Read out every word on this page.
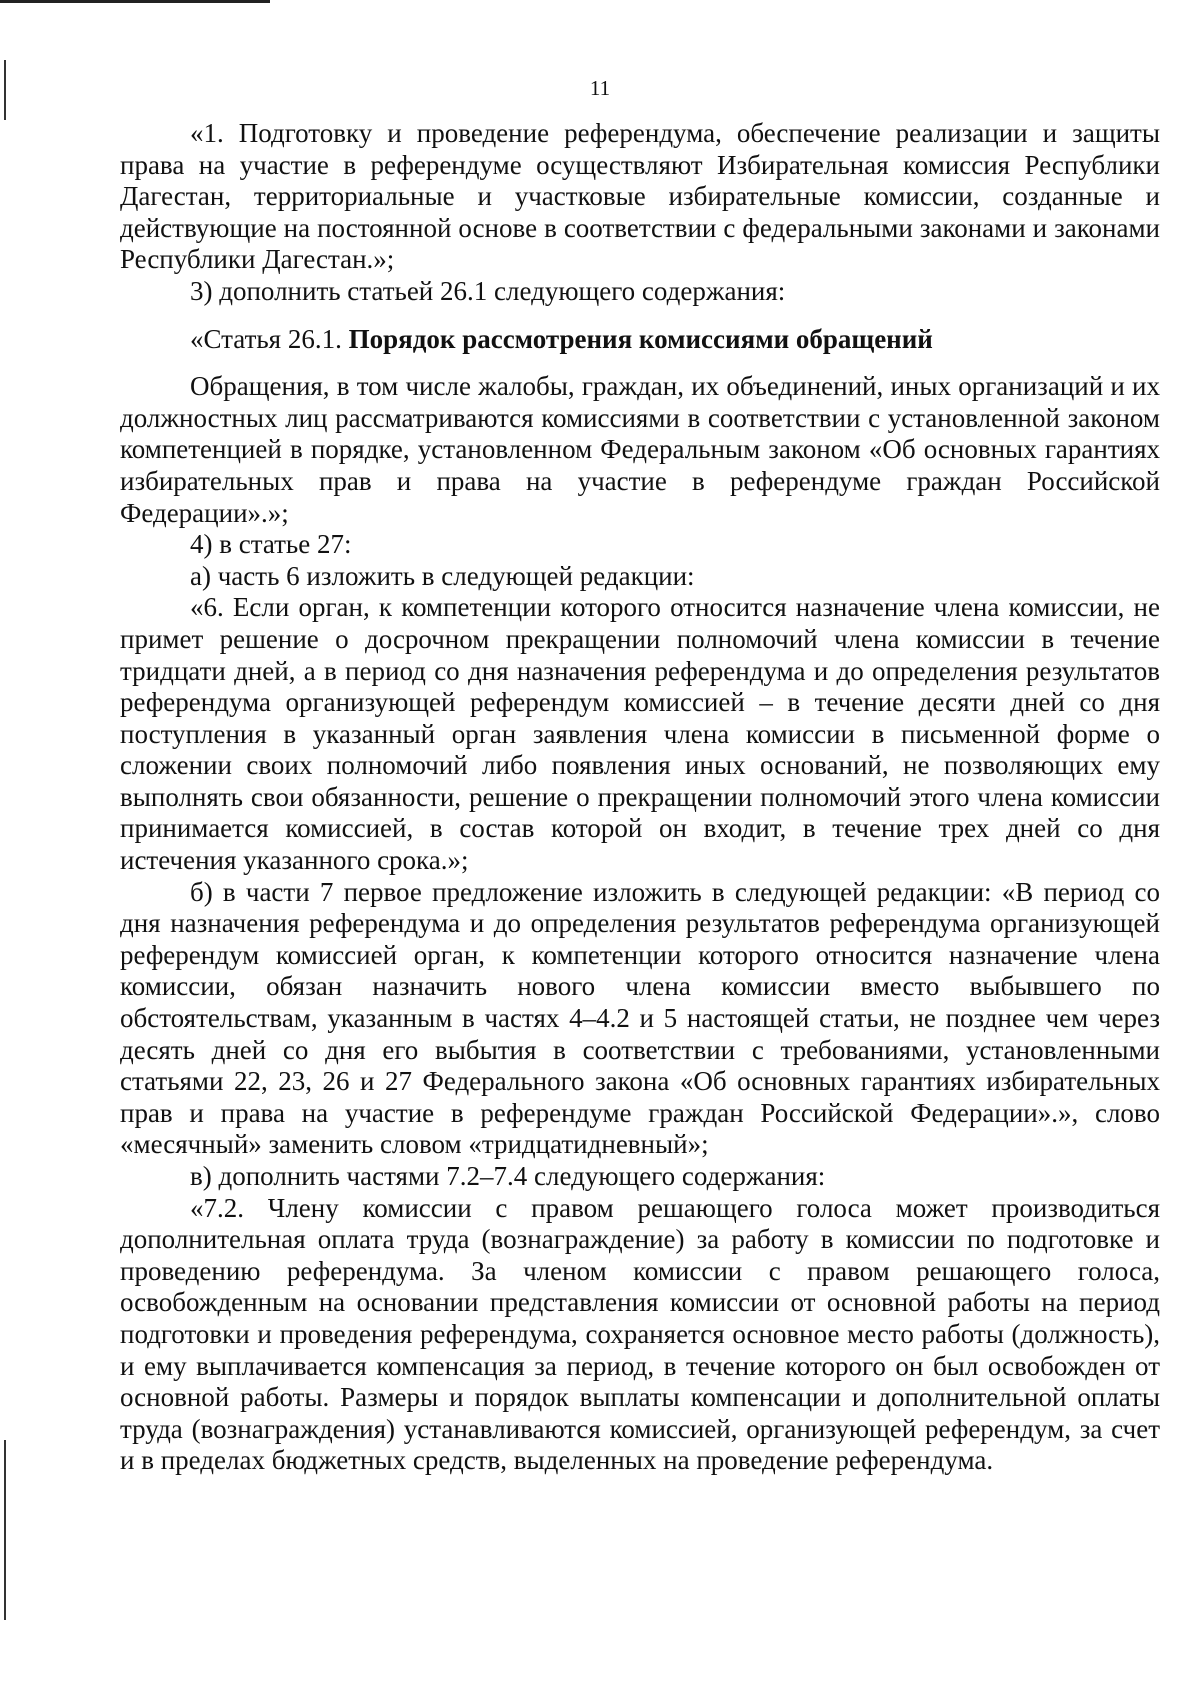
11

«1. Подготовку и проведение референдума, обеспечение реализации и защиты права на участие в референдуме осуществляют Избирательная комиссия Республики Дагестан, территориальные и участковые избирательные комиссии, созданные и действующие на постоянной основе в соответствии с федеральными законами и законами Республики Дагестан.»;

3) дополнить статьей 26.1 следующего содержания:

«Статья 26.1. Порядок рассмотрения комиссиями обращений

Обращения, в том числе жалобы, граждан, их объединений, иных организаций и их должностных лиц рассматриваются комиссиями в соответствии с установленной законом компетенцией в порядке, установленном Федеральным законом «Об основных гарантиях избирательных прав и права на участие в референдуме граждан Российской Федерации».»;

4) в статье 27:

а) часть 6 изложить в следующей редакции:

«6. Если орган, к компетенции которого относится назначение члена комиссии, не примет решение о досрочном прекращении полномочий члена комиссии в течение тридцати дней, а в период со дня назначения референдума и до определения результатов референдума организующей референдум комиссией – в течение десяти дней со дня поступления в указанный орган заявления члена комиссии в письменной форме о сложении своих полномочий либо появления иных оснований, не позволяющих ему выполнять свои обязанности, решение о прекращении полномочий этого члена комиссии принимается комиссией, в состав которой он входит, в течение трех дней со дня истечения указанного срока.»;

б) в части 7 первое предложение изложить в следующей редакции: «В период со дня назначения референдума и до определения результатов референдума организующей референдум комиссией орган, к компетенции которого относится назначение члена комиссии, обязан назначить нового члена комиссии вместо выбывшего по обстоятельствам, указанным в частях 4–4.2 и 5 настоящей статьи, не позднее чем через десять дней со дня его выбытия в соответствии с требованиями, установленными статьями 22, 23, 26 и 27 Федерального закона «Об основных гарантиях избирательных прав и права на участие в референдуме граждан Российской Федерации».», слово «месячный» заменить словом «тридцатидневный»;

в) дополнить частями 7.2–7.4 следующего содержания:

«7.2. Члену комиссии с правом решающего голоса может производиться дополнительная оплата труда (вознаграждение) за работу в комиссии по подготовке и проведению референдума. За членом комиссии с правом решающего голоса, освобожденным на основании представления комиссии от основной работы на период подготовки и проведения референдума, сохраняется основное место работы (должность), и ему выплачивается компенсация за период, в течение которого он был освобожден от основной работы. Размеры и порядок выплаты компенсации и дополнительной оплаты труда (вознаграждения) устанавливаются комиссией, организующей референдум, за счет и в пределах бюджетных средств, выделенных на проведение референдума.
